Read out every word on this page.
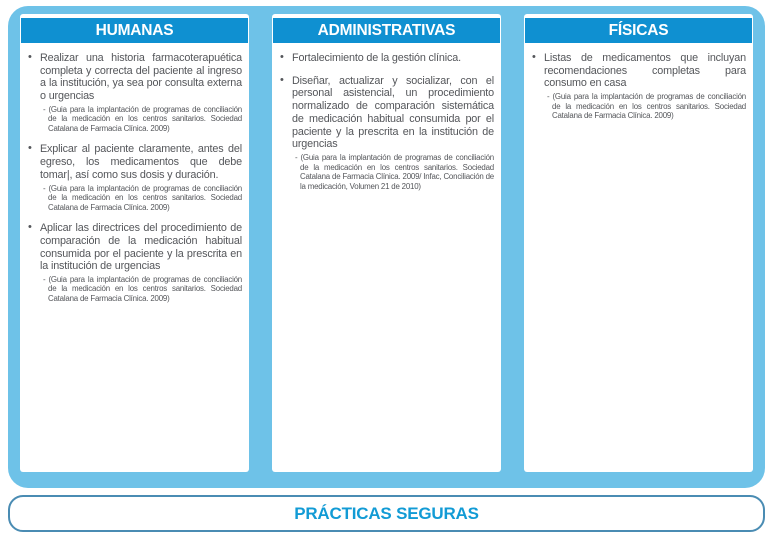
HUMANAS
• Realizar una historia farmacoterapuética completa y correcta del paciente al ingreso a la institución, ya sea por consulta externa o urgencias
- (Guia para la implantación de programas de conciliación de la medicación en los centros sanitarios. Sociedad Catalana de Farmacia Clínica. 2009)
• Explicar al paciente claramente, antes del egreso, los medicamentos que debe tomar|, así como sus dosis y duración.
- (Guia para la implantación de programas de conciliación de la medicación en los centros sanitarios. Sociedad Catalana de Farmacia Clínica. 2009)
• Aplicar las directrices del procedimiento de comparación de la medicación habitual consumida por el paciente y la prescrita en la institución de urgencias
- (Guia para la implantación de programas de conciliación de la medicación en los centros sanitarios. Sociedad Catalana de Farmacia Clínica. 2009)
ADMINISTRATIVAS
• Fortalecimiento de la gestión clínica.
• Diseñar, actualizar y socializar, con el personal asistencial, un procedimiento normalizado de comparación sistemática de medicación habitual consumida por el paciente y la prescrita en la institución de urgencias
- (Guia para la implantación de programas de conciliación de la medicación en los centros sanitarios. Sociedad Catalana de Farmacia Clínica. 2009/ Infac, Conciliación de la medicación, Volumen 21 de 2010)
FÍSICAS
• Listas de medicamentos que incluyan recomendaciones completas para consumo en casa
- (Guia para la implantación de programas de conciliación de la medicación en los centros sanitarios. Sociedad Catalana de Farmacia Clínica. 2009)
PRÁCTICAS SEGURAS
